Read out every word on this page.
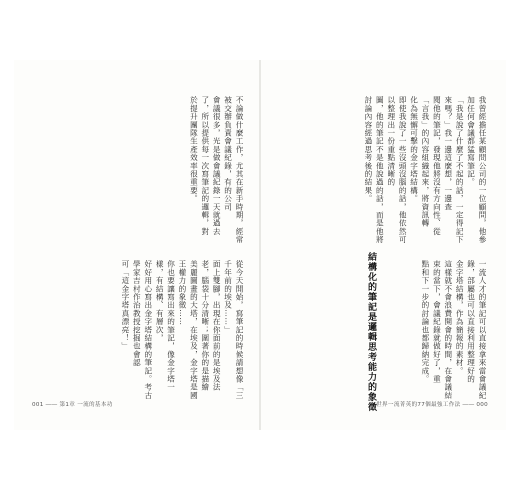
不論做什麼工作，尤其在新手時期，經常被交辦負責會議紀錄，有的公司
會議很多，光是做會議紀錄一天就過去了，所以提供每一次寫筆記的邏輯，對
於提升團隊生產效率很重要。
從今天開始，寫筆記的時候請想像「三千年前的埃及……」
面上雙腳，出現在你面前的是埃及法老，腦袋十分清晰；圍著你的是描繪
美麗圖畫的大塔，在埃及，金字塔是國王權力的象徵……
你也要讓寫出來的筆記，像金字塔一樣，有結構、有層次，
好好用心寫出金字塔結構的筆記。考古學家吉村作治教授挖掘也會認
可「這金字塔真漂亮！」
001 ―― 第1章 一流的基本功
我曾經擔任某顧問公司的一位顧問，他參加任何會議都猛寫筆記。
「我是說了什麼了不起的話，一定得記下來嗎？」我一邊這麼想，一邊查
閱他的筆記，發現他將沒有方向性、從「言我」的內容組織起來，將資訊轉
化為無懈可擊的金字塔結構。
即使我說了一些沒頭沒腦的話，他依然可以整理出一份重點清晰的
圖，他的筆記不是他說過的話，而是他將討論內容經過思考後的結果。
結構化的筆記是邏輯思考能力的象徵	一流人才的筆記可以直接拿來當會議紀錄，部屬也可以直接利用整理好的
金字塔結構，作為簡報的素材。
這樣就不會浪費開會的時間，在會議結束的當下，會議紀錄就做好了，重
點和下一步的討論也都歸納完成。
世界一流菁英的77個最強工作法 ―― 000
